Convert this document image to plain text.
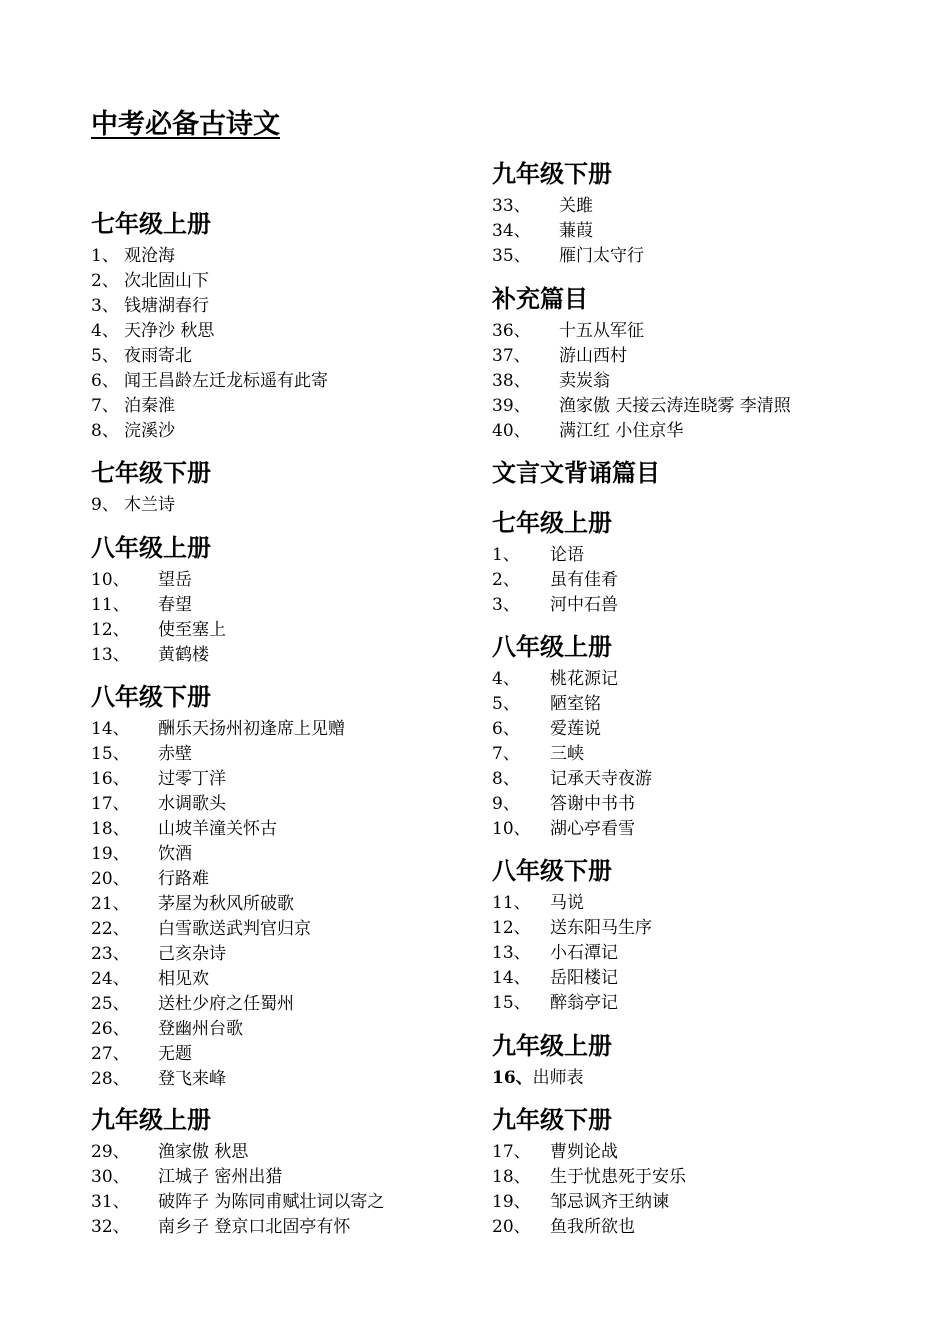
中考必备古诗文
七年级上册
1、 观沧海
2、 次北固山下
3、 钱塘湖春行
4、 天净沙 秋思
5、 夜雨寄北
6、 闻王昌龄左迁龙标遥有此寄
7、 泊秦淮
8、 浣溪沙
七年级下册
9、 木兰诗
八年级上册
10、 望岳
11、 春望
12、 使至塞上
13、 黄鹤楼
八年级下册
14、 酬乐天扬州初逢席上见赠
15、 赤壁
16、 过零丁洋
17、 水调歌头
18、 山坡羊潼关怀古
19、 饮酒
20、 行路难
21、 茅屋为秋风所破歌
22、 白雪歌送武判官归京
23、 己亥杂诗
24、 相见欢
25、 送杜少府之任蜀州
26、 登幽州台歌
27、 无题
28、 登飞来峰
九年级上册
29、 渔家傲 秋思
30、 江城子 密州出猎
31、 破阵子 为陈同甫赋壮词以寄之
32、 南乡子 登京口北固亭有怀
九年级下册
33、 关雎
34、 蒹葭
35、 雁门太守行
补充篇目
36、 十五从军征
37、 游山西村
38、 卖炭翁
39、 渔家傲 天接云涛连晓雾 李清照
40、 满江红 小住京华
文言文背诵篇目
七年级上册
1、 论语
2、 虽有佳肴
3、 河中石兽
八年级上册
4、 桃花源记
5、 陋室铭
6、 爱莲说
7、 三峡
8、 记承天寺夜游
9、 答谢中书书
10、 湖心亭看雪
八年级下册
11、 马说
12、 送东阳马生序
13、 小石潭记
14、 岳阳楼记
15、 醉翁亭记
九年级上册
16、出师表
九年级下册
17、 曹刿论战
18、 生于忧患死于安乐
19、 邹忌讽齐王纳谏
20、 鱼我所欲也
